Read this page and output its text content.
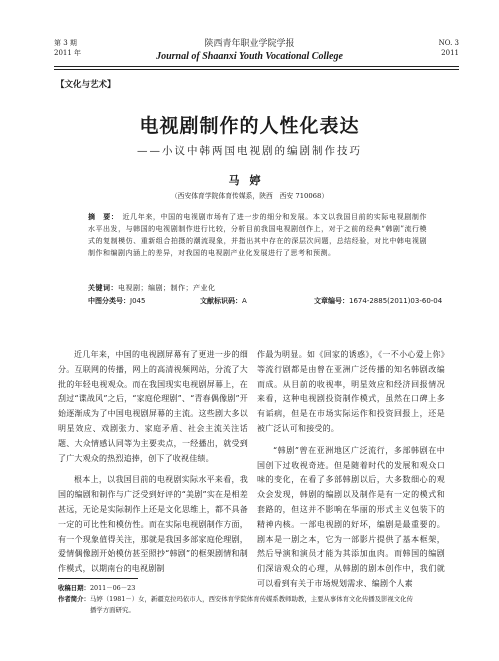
第 3 期
2011 年
陕西青年职业学院学报
Journal of Shaanxi Youth Vocational College
NO. 3
2011
【文化与艺术】
电视剧制作的人性化表达
——小议中韩两国电视剧的编剧制作技巧
马婷
（西安体育学院体育传媒系，陕西　西安 710068）
摘　要： 近几年来，中国的电视剧市场有了进一步的细分和发展。本文以我国目前的实际电视剧制作水平出发，与韩国的电视剧制作进行比较，分析目前我国电视剧创作上，对于之前的经典“韩剧”流行模式的复制模仿、重新组合拍摄的潮流现象，并指出其中存在的深层次问题，总结经验，对比中韩电视剧制作和编剧内涵上的差异，对我国的电视剧产业化发展进行了思考和预测。
关键词：电视剧；编剧；制作；产业化
中图分类号：J045	文献标识码：A	文章编号：1674-2885(2011)03-60-04

近几年来，中国的电视剧屏幕有了更进一步的细分。互联网的传播，网上的高清视频网站，分流了大批的年轻电视观众。而在我国现实电视剧屏幕上，在刮过“谍战风”之后，“家庭伦理剧”、“青春偶像剧”开始逐渐成为了中国电视剧屏幕的主流。这些剧大多以明星效应、戏剧张力、家庭矛盾、社会主流关注话题、大众情感认同等为主要卖点，一经播出，就受到了广大观众的热烈追捧，创下了收视佳绩。

根本上，以我国目前的电视剧实际水平来看，我国的编剧和制作与广泛受到好评的“美剧”实在是相差甚远，无论是实际制作上还是文化思维上，都不具备一定的可比性和模仿性。而在实际电视剧制作方面，有一个现象值得关注，那就是我国多部家庭伦理剧，爱情偶像剧开始模仿甚至照抄“韩剧”的框架剧情和制作模式，以期南台的电视剧制

作最为明显。如《回家的诱惑》，《一不小心爱上你》等流行剧都是由曾在亚洲广泛传播的知名韩剧改编而成。从目前的收视率，明星效应和经济回报情况来看，这种电视剧投资制作模式，虽然在口碑上多有诟病，但是在市场实际运作和投资回报上，还是被广泛认可和接受的。

“韩剧”曾在亚洲地区广泛流行，多部韩剧在中国创下过收视奇迹。但是随着时代的发展和观众口味的变化，在看了多部韩剧以后，大多数细心的观众会发现，韩剧的编剧以及制作是有一定的模式和套路的，但这并不影响在华丽的形式主义包装下的精神内核。一部电视剧的好坏，编剧是最重要的。剧本是一剧之本，它为一部影片提供了基本框架，然后导演和演员才能为其添加血肉。而韩国的编剧们深谙观众的心理，从韩剧的剧本创作中，我们就可以看到有关于市场规划需求、编剧个人素

收稿日期：2011－06－23
作者简介：马婷（1981－）女，新疆克拉玛依市人，西安体育学院体育传媒系教师助教，主要从事体育文化传播及影视文化传
播学方面研究。
